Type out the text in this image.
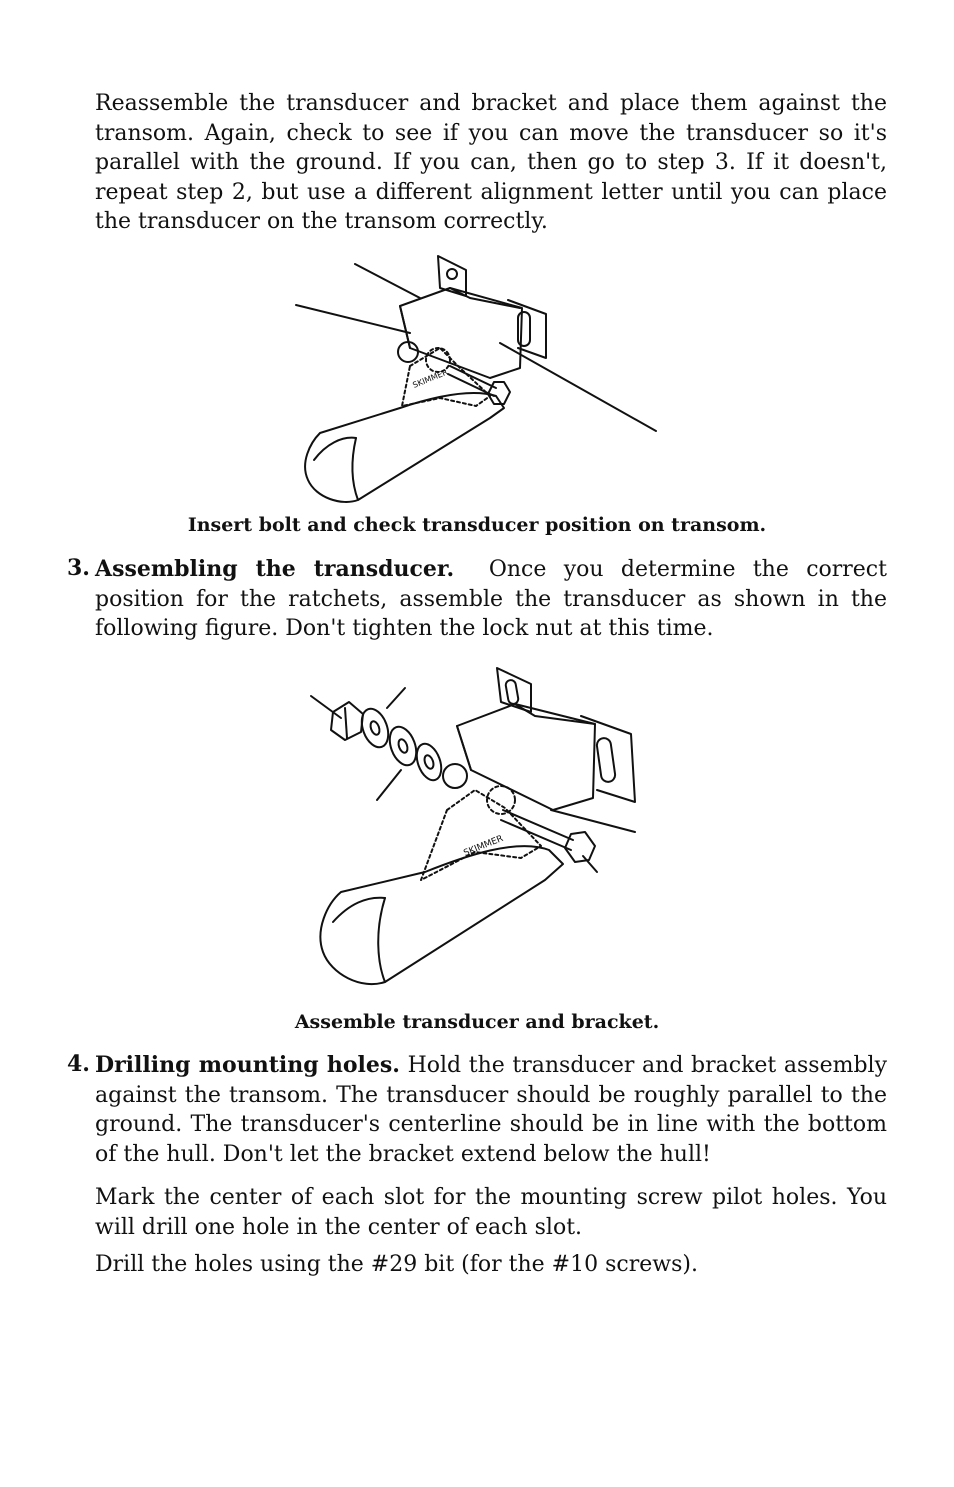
Reassemble the transducer and bracket and place them against the transom. Again, check to see if you can move the transducer so it's parallel with the ground. If you can, then go to step 3. If it doesn't, repeat step 2, but use a different alignment letter until you can place the transducer on the transom correctly.
SKIMMER
Insert bolt and check transducer position on transom.
3. Assembling the transducer. Once you determine the correct position for the ratchets, assemble the transducer as shown in the following figure. Don't tighten the lock nut at this time.
SKIMMER
Assemble transducer and bracket.
4. Drilling mounting holes. Hold the transducer and bracket assembly against the transom. The transducer should be roughly parallel to the ground. The transducer's centerline should be in line with the bottom of the hull. Don't let the bracket extend below the hull!
Mark the center of each slot for the mounting screw pilot holes. You will drill one hole in the center of each slot.
Drill the holes using the #29 bit (for the #10 screws).
